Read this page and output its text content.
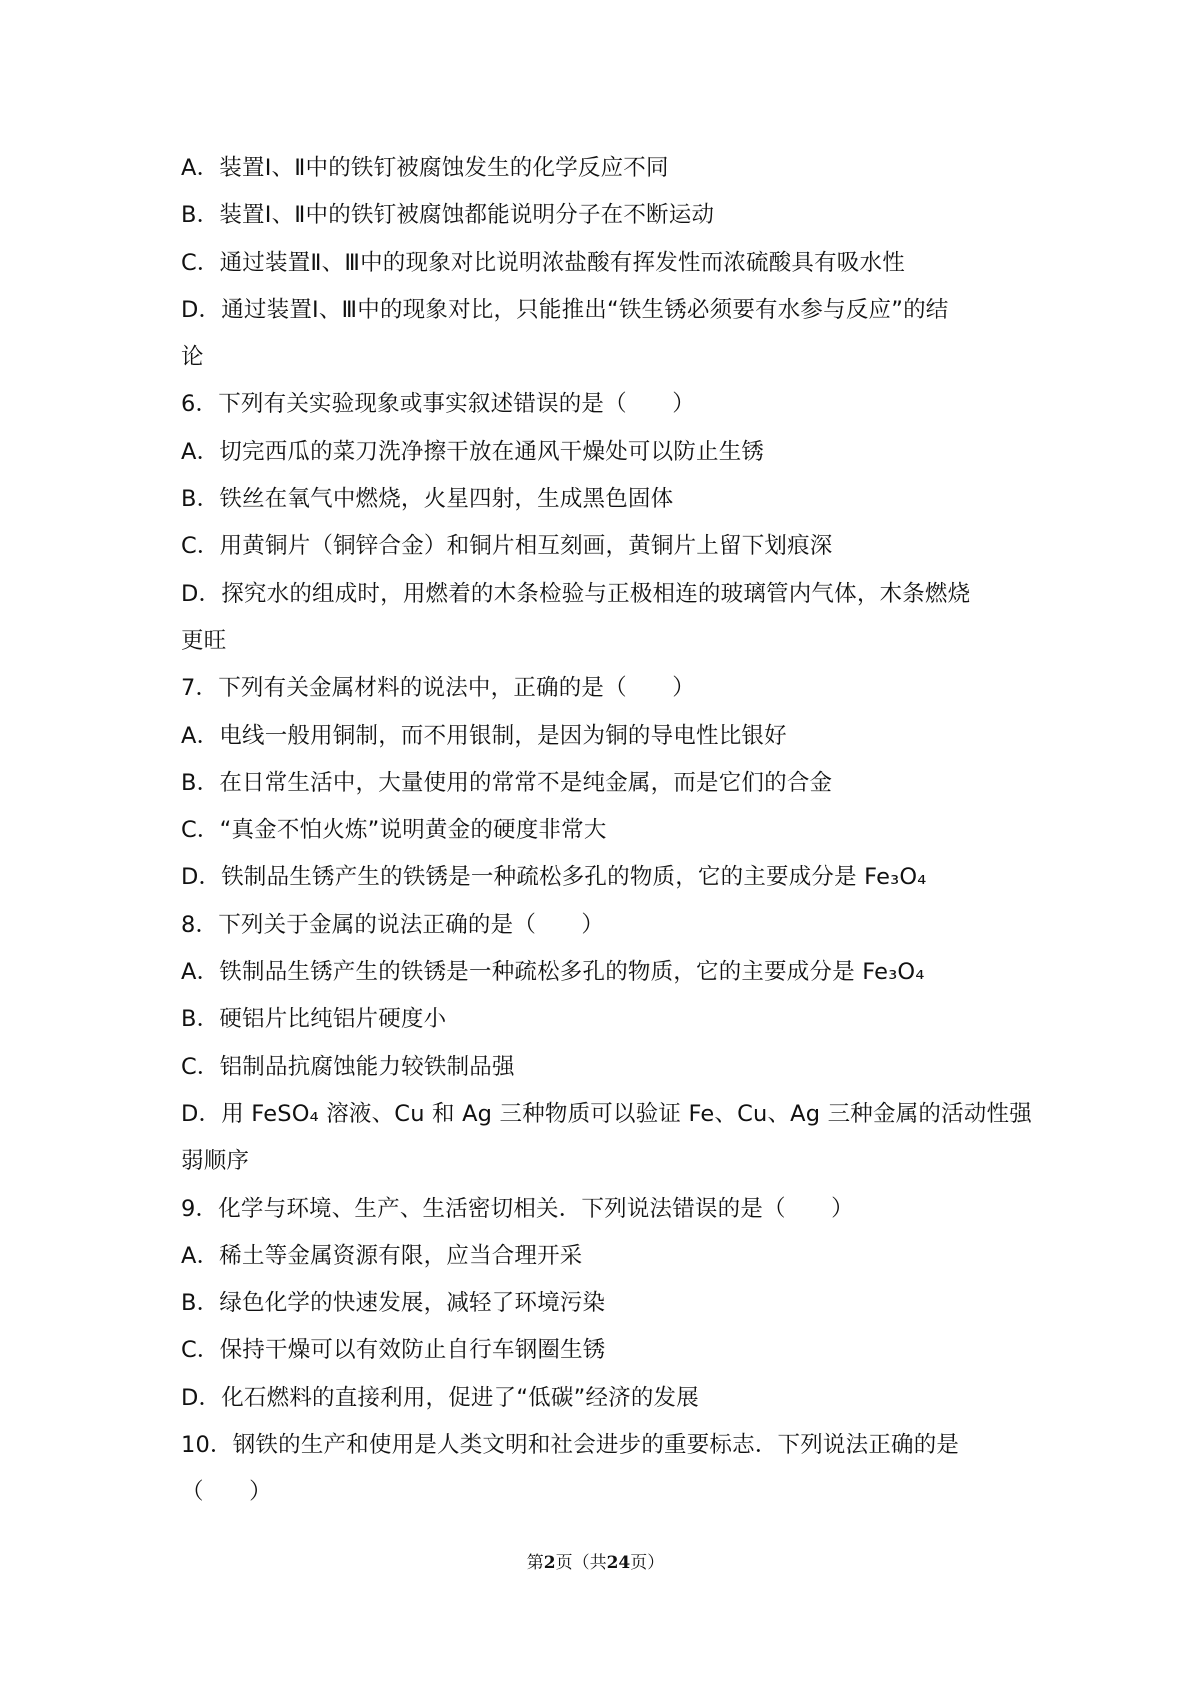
A．装置Ⅰ、Ⅱ中的铁钉被腐蚀发生的化学反应不同
B．装置Ⅰ、Ⅱ中的铁钉被腐蚀都能说明分子在不断运动
C．通过装置Ⅱ、Ⅲ中的现象对比说明浓盐酸有挥发性而浓硫酸具有吸水性
D．通过装置Ⅰ、Ⅲ中的现象对比，只能推出“铁生锈必须要有水参与反应”的结
论
6．下列有关实验现象或事实叙述错误的是（　　）
A．切完西瓜的菜刀洗净擦干放在通风干燥处可以防止生锈
B．铁丝在氧气中燃烧，火星四射，生成黑色固体
C．用黄铜片（铜锌合金）和铜片相互刻画，黄铜片上留下划痕深
D．探究水的组成时，用燃着的木条检验与正极相连的玻璃管内气体，木条燃烧
更旺
7．下列有关金属材料的说法中，正确的是（　　）
A．电线一般用铜制，而不用银制，是因为铜的导电性比银好
B．在日常生活中，大量使用的常常不是纯金属，而是它们的合金
C．“真金不怕火炼”说明黄金的硬度非常大
D．铁制品生锈产生的铁锈是一种疏松多孔的物质，它的主要成分是 Fe₃O₄
8．下列关于金属的说法正确的是（　　）
A．铁制品生锈产生的铁锈是一种疏松多孔的物质，它的主要成分是 Fe₃O₄
B．硬铝片比纯铝片硬度小
C．铝制品抗腐蚀能力较铁制品强
D．用 FeSO₄ 溶液、Cu 和 Ag 三种物质可以验证 Fe、Cu、Ag 三种金属的活动性强
弱顺序
9．化学与环境、生产、生活密切相关．下列说法错误的是（　　）
A．稀土等金属资源有限，应当合理开采
B．绿色化学的快速发展，减轻了环境污染
C．保持干燥可以有效防止自行车钢圈生锈
D．化石燃料的直接利用，促进了“低碳”经济的发展
10．钢铁的生产和使用是人类文明和社会进步的重要标志．下列说法正确的是
（　　）
第2页（共24页）
